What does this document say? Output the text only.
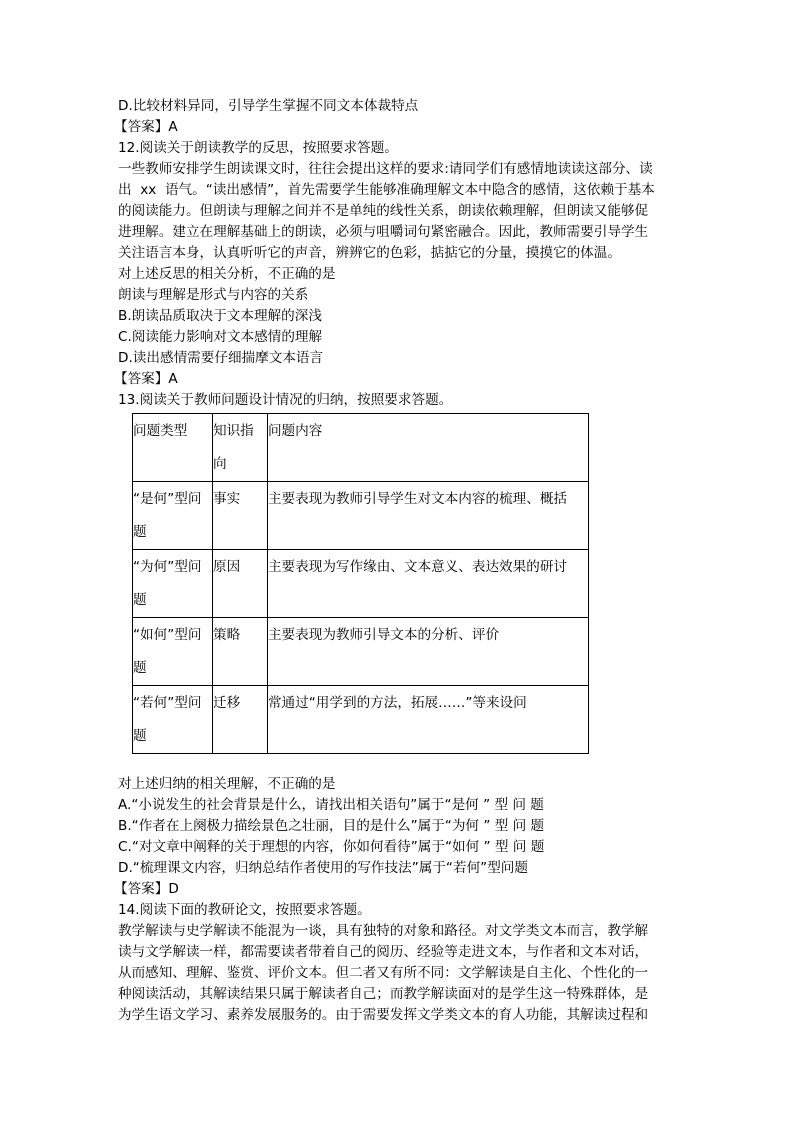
D.比较材料异同，引导学生掌握不同文本体裁特点
【答案】A
12.阅读关于朗读教学的反思，按照要求答题。
一些教师安排学生朗读课文时，往往会提出这样的要求:请同学们有感情地读读这部分、读
出  xx  语气。“读出感情”，首先需要学生能够准确理解文本中隐含的感情，这依赖于基本
的阅读能力。但朗读与理解之间并不是单纯的线性关系，朗读依赖理解，但朗读又能够促
进理解。建立在理解基础上的朗读，必须与咀嚼词句紧密融合。因此，教师需要引导学生
关注语言本身，认真听听它的声音，辨辨它的色彩，掂掂它的分量，摸摸它的体温。
对上述反思的相关分析，不正确的是
朗读与理解是形式与内容的关系
B.朗读品质取决于文本理解的深浅
C.阅读能力影响对文本感情的理解
D.读出感情需要仔细揣摩文本语言
【答案】A
13.阅读关于教师问题设计情况的归纳，按照要求答题。
问题类型	知识指向	问题内容

“是何”型问题	事实	主要表现为教师引导学生对文本内容的梳理、概括

“为何”型问题	原因	主要表现为写作缘由、文本意义、表达效果的研讨

“如何”型问题	策略	主要表现为教师引导文本的分析、评价

“若何”型问题	迁移	常通过“用学到的方法，拓展……”等来设问
对上述归纳的相关理解，不正确的是
A.“小说发生的社会背景是什么，请找出相关语句”属于“是何 ” 型 问 题
B.“作者在上阕极力描绘景色之壮丽，目的是什么”属于“为何 ” 型 问 题
C.“对文章中阐释的关于理想的内容，你如何看待”属于“如何 ” 型 问 题
D.“梳理课文内容，归纳总结作者使用的写作技法”属于“若何”型问题
【答案】D
14.阅读下面的教研论文，按照要求答题。
教学解读与史学解读不能混为一谈，具有独特的对象和路径。对文学类文本而言，教学解
读与文学解读一样，都需要读者带着自己的阅历、经验等走进文本，与作者和文本对话，
从而感知、理解、鉴赏、评价文本。但二者又有所不同：文学解读是自主化、个性化的一
种阅读活动，其解读结果只属于解读者自己；而教学解读面对的是学生这一特殊群体，是
为学生语文学习、素养发展服务的。由于需要发挥文学类文本的育人功能，其解读过程和
